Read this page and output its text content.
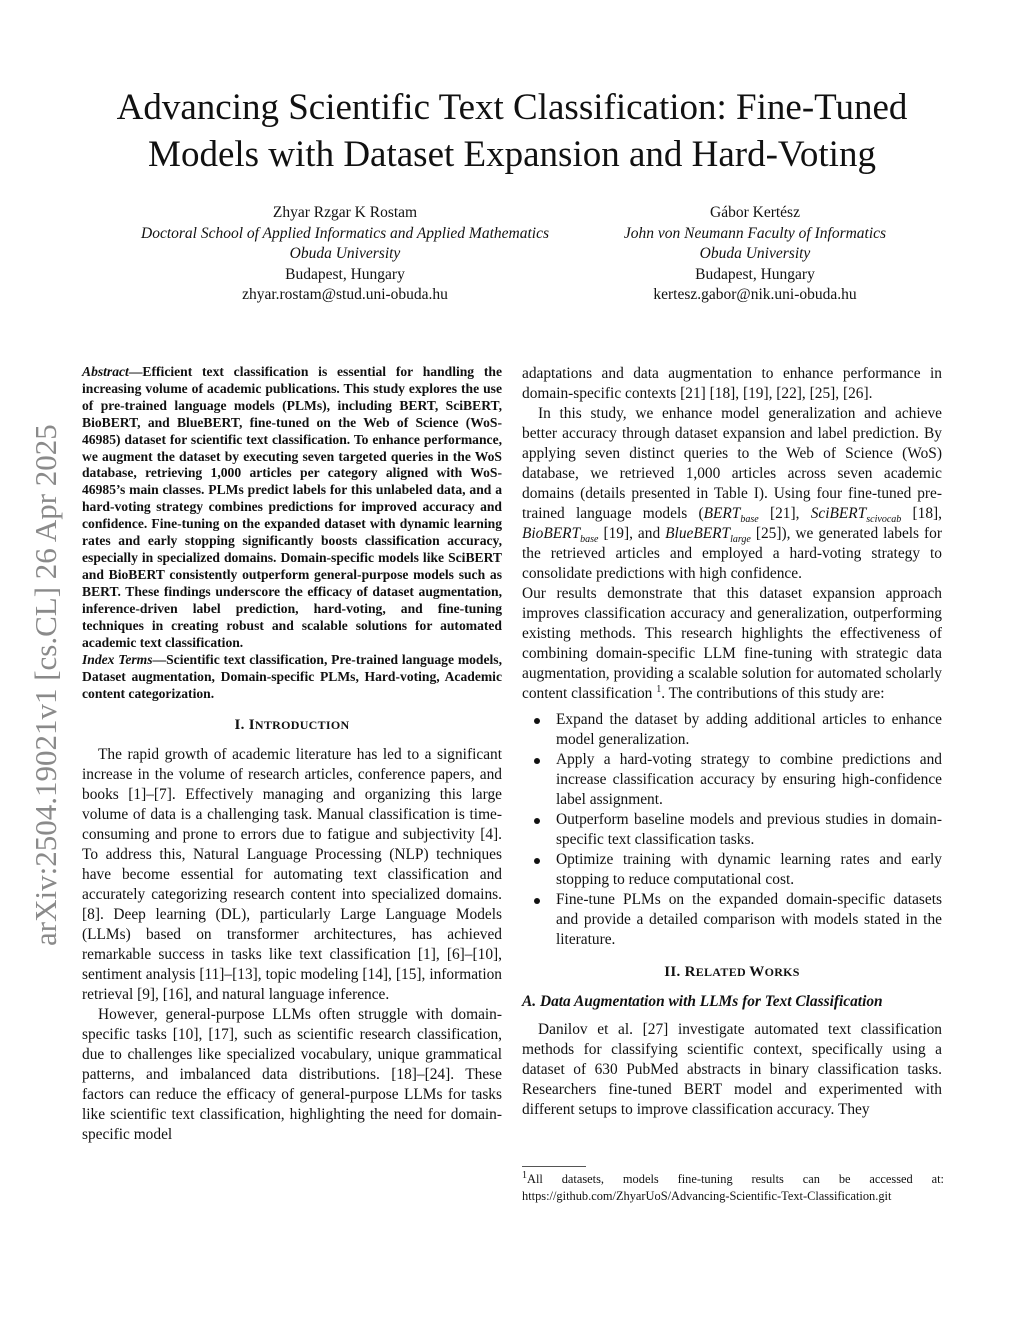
arXiv:2504.19021v1 [cs.CL] 26 Apr 2025
Advancing Scientific Text Classification: Fine-Tuned
Models with Dataset Expansion and Hard-Voting
Zhyar Rzgar K Rostam
Doctoral School of Applied Informatics and Applied Mathematics
Obuda University
Budapest, Hungary
zhyar.rostam@stud.uni-obuda.hu
Gábor Kertész
John von Neumann Faculty of Informatics
Obuda University
Budapest, Hungary
kertesz.gabor@nik.uni-obuda.hu

Abstract—Efficient text classification is essential for handling the increasing volume of academic publications. This study explores the use of pre-trained language models (PLMs), including BERT, SciBERT, BioBERT, and BlueBERT, fine-tuned on the Web of Science (WoS-46985) dataset for scientific text classification. To enhance performance, we augment the dataset by executing seven targeted queries in the WoS database, retrieving 1,000 articles per category aligned with WoS-46985’s main classes. PLMs predict labels for this unlabeled data, and a hard-voting strategy combines predictions for improved accuracy and confidence. Fine-tuning on the expanded dataset with dynamic learning rates and early stopping significantly boosts classification accuracy, especially in specialized domains. Domain-specific models like SciBERT and BioBERT consistently outperform general-purpose models such as BERT. These findings underscore the efficacy of dataset augmentation, inference-driven label prediction, hard-voting, and fine-tuning techniques in creating robust and scalable solutions for automated academic text classification.

Index Terms—Scientific text classification, Pre-trained language models, Dataset augmentation, Domain-specific PLMs, Hard-voting, Academic content categorization.

I. INTRODUCTION

The rapid growth of academic literature has led to a significant increase in the volume of research articles, conference papers, and books [1]–[7]. Effectively managing and organizing this large volume of data is a challenging task. Manual classification is time-consuming and prone to errors due to fatigue and subjectivity [4]. To address this, Natural Language Processing (NLP) techniques have become essential for automating text classification and accurately categorizing research content into specialized domains. [8]. Deep learning (DL), particularly Large Language Models (LLMs) based on transformer architectures, has achieved remarkable success in tasks like text classification [1], [6]–[10], sentiment analysis [11]–[13], topic modeling [14], [15], information retrieval [9], [16], and natural language inference.

However, general-purpose LLMs often struggle with domain-specific tasks [10], [17], such as scientific research classification, due to challenges like specialized vocabulary, unique grammatical patterns, and imbalanced data distributions. [18]–[24]. These factors can reduce the efficacy of general-purpose LLMs for tasks like scientific text classification, highlighting the need for domain-specific model

adaptations and data augmentation to enhance performance in domain-specific contexts [21] [18], [19], [22], [25], [26].

In this study, we enhance model generalization and achieve better accuracy through dataset expansion and label prediction. By applying seven distinct queries to the Web of Science (WoS) database, we retrieved 1,000 articles across seven academic domains (details presented in Table I). Using four fine-tuned pre-trained language models ($BERT_{base}$ [21], SciBERT$_{scivocab}$ [18], BioBERT$_{base}$ [19], and BlueBERT$_{large}$ [25]), we generated labels for the retrieved articles and employed a hard-voting strategy to consolidate predictions with high confidence.

Our results demonstrate that this dataset expansion approach improves classification accuracy and generalization, outperforming existing methods. This research highlights the effectiveness of combining domain-specific LLM fine-tuning with strategic data augmentation, providing a scalable solution for automated scholarly content classification $^1$. The contributions of this study are:

Expand the dataset by adding additional articles to enhance model generalization.
Apply a hard-voting strategy to combine predictions and increase classification accuracy by ensuring high-confidence label assignment.
Outperform baseline models and previous studies in domain-specific text classification tasks.
Optimize training with dynamic learning rates and early stopping to reduce computational cost.
Fine-tune PLMs on the expanded domain-specific datasets and provide a detailed comparison with models stated in the literature.
II. RELATED WORKS
A. Data Augmentation with LLMs for Text Classification

Danilov et al. [27] investigate automated text classification methods for classifying scientific context, specifically using a dataset of 630 PubMed abstracts in binary classification tasks. Researchers fine-tuned BERT model and experimented with different setups to improve classification accuracy. They

$^1$All datasets, models fine-tuning results can be accessed at: https://github.com/ZhyarUoS/Advancing-Scientific-Text-Classification.git
